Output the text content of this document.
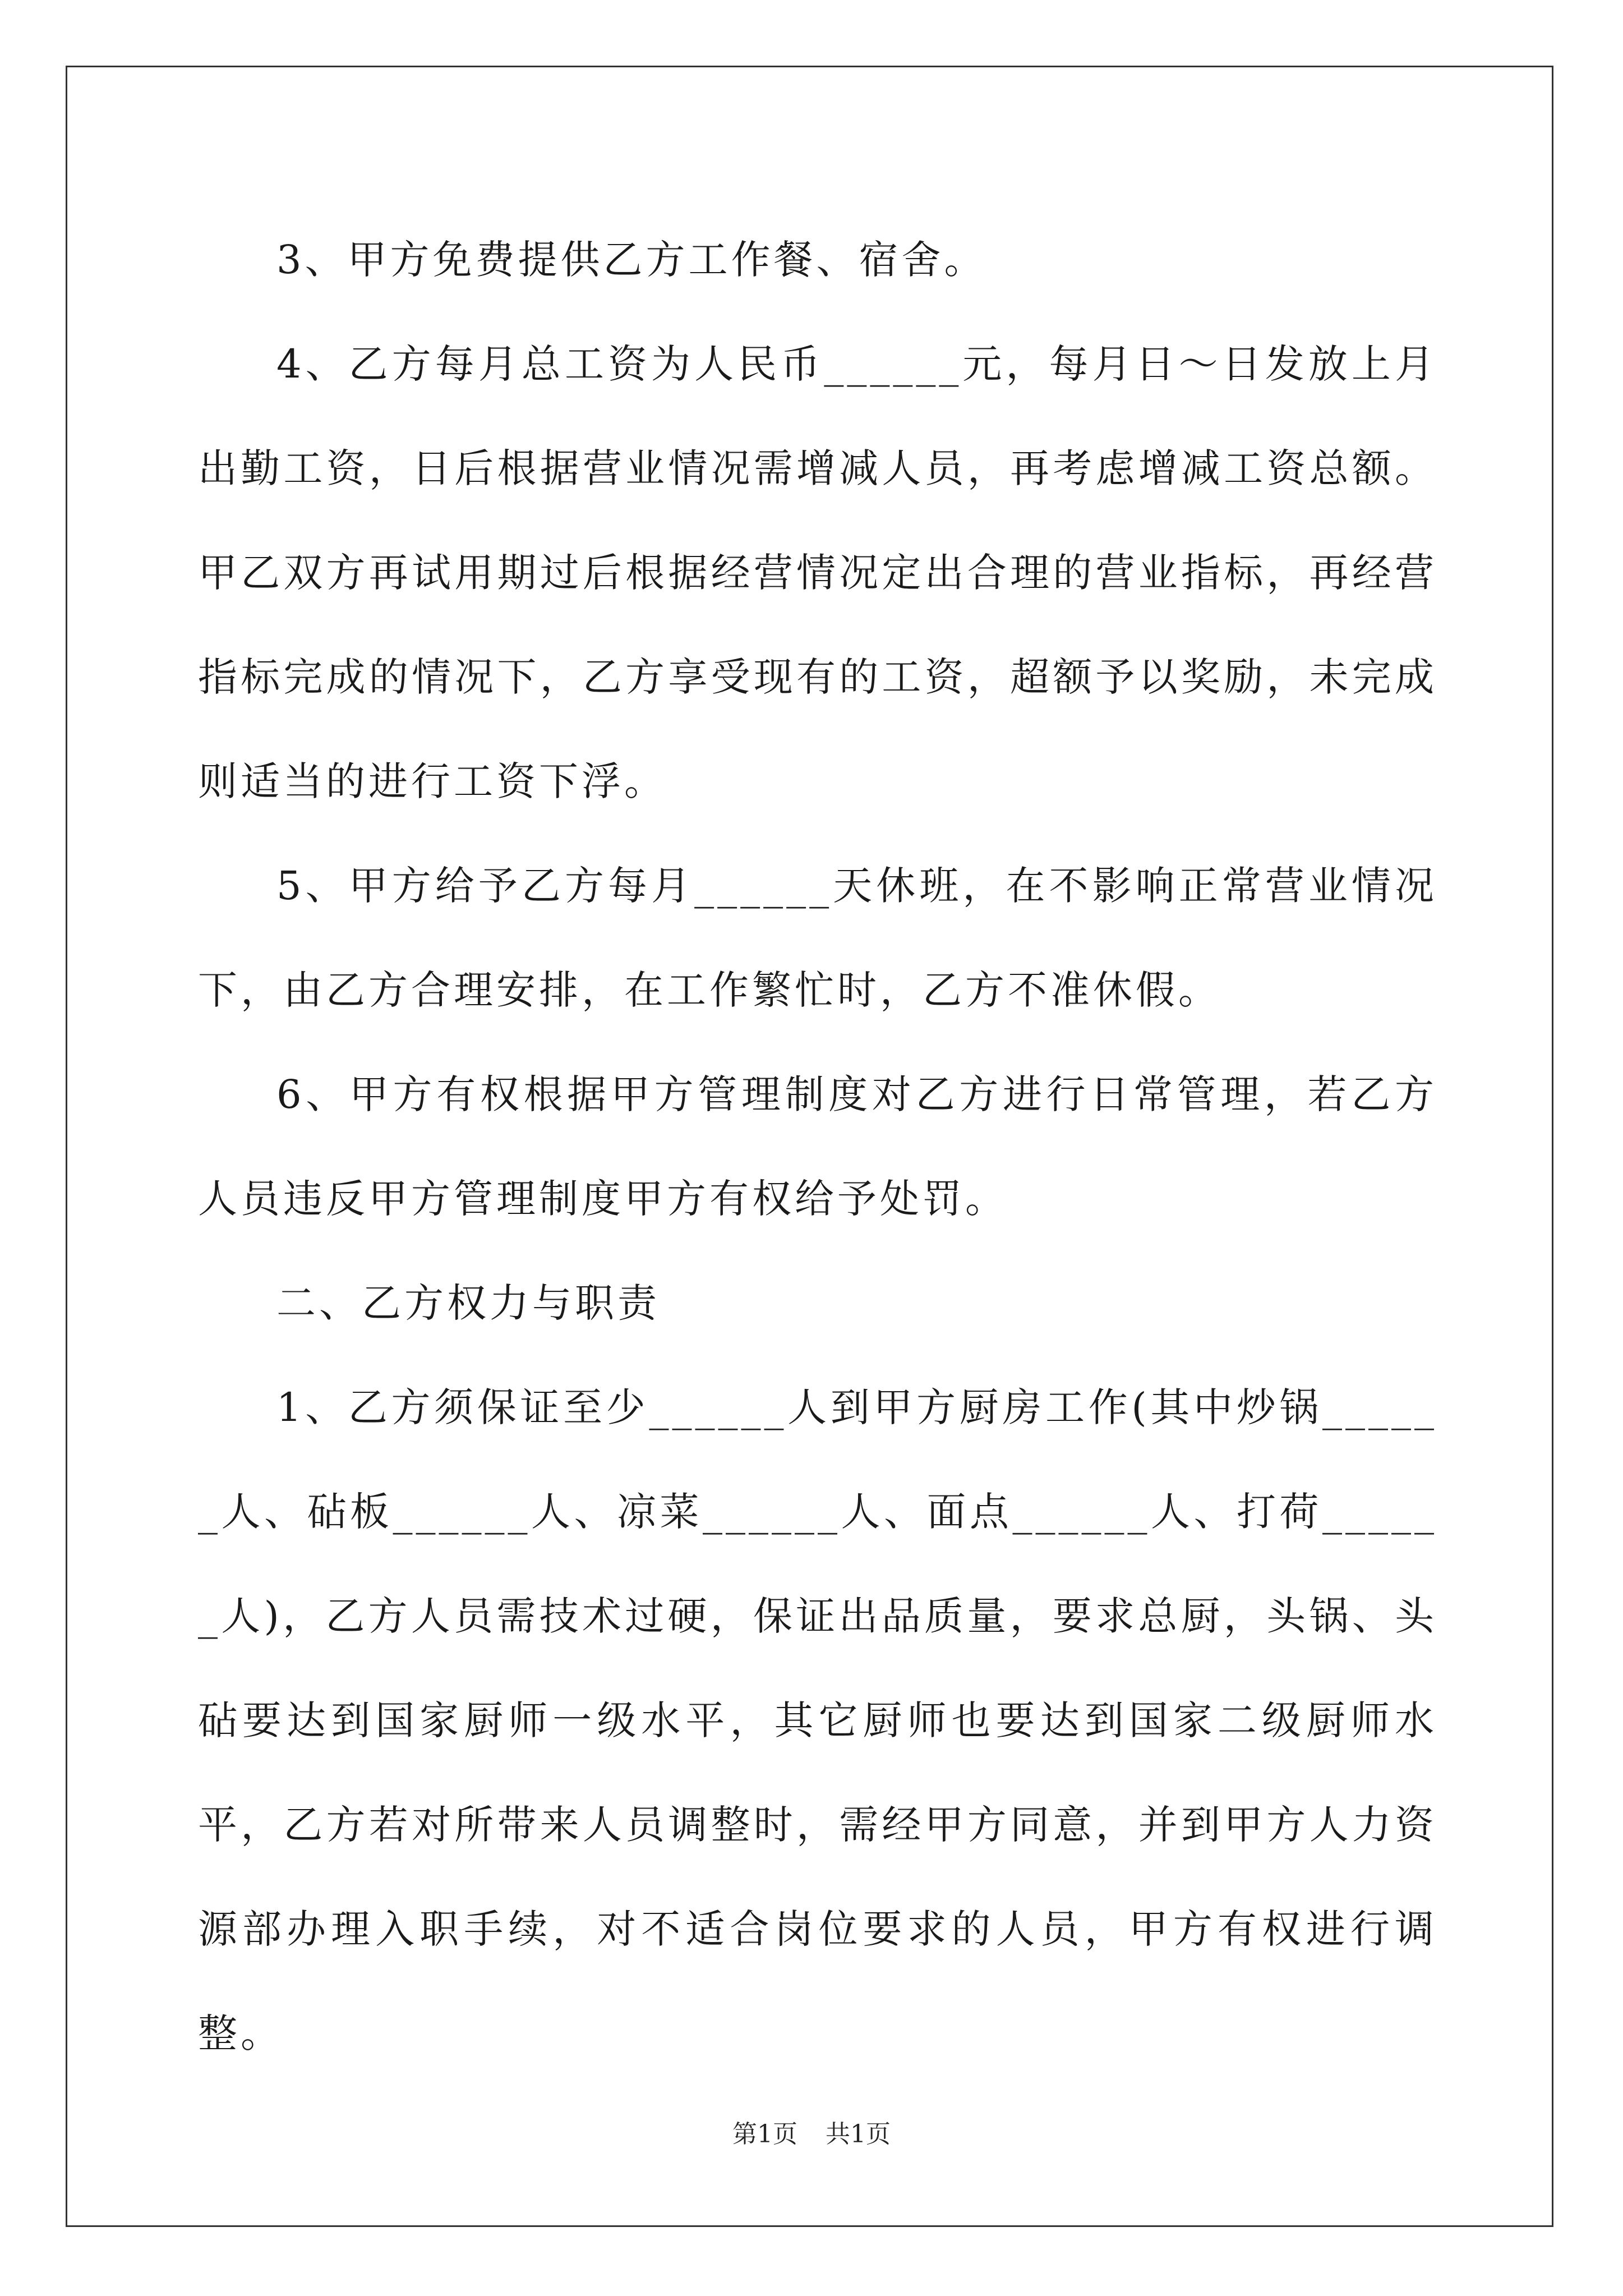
3、甲方免费提供乙方工作餐、宿舍。

4、乙方每月总工资为人民币______元，每月日～日发放上月出勤工资，日后根据营业情况需增减人员，再考虑增减工资总额。甲乙双方再试用期过后根据经营情况定出合理的营业指标，再经营指标完成的情况下，乙方享受现有的工资，超额予以奖励，未完成则适当的进行工资下浮。

5、甲方给予乙方每月______天休班，在不影响正常营业情况下，由乙方合理安排，在工作繁忙时，乙方不准休假。

6、甲方有权根据甲方管理制度对乙方进行日常管理，若乙方人员违反甲方管理制度甲方有权给予处罚。

二、乙方权力与职责

1、乙方须保证至少______人到甲方厨房工作(其中炒锅______人、砧板______人、凉菜______人、面点______人、打荷______人)，乙方人员需技术过硬，保证出品质量，要求总厨，头锅、头砧要达到国家厨师一级水平，其它厨师也要达到国家二级厨师水平，乙方若对所带来人员调整时，需经甲方同意，并到甲方人力资源部办理入职手续，对不适合岗位要求的人员，甲方有权进行调整。

第1页 共1页
